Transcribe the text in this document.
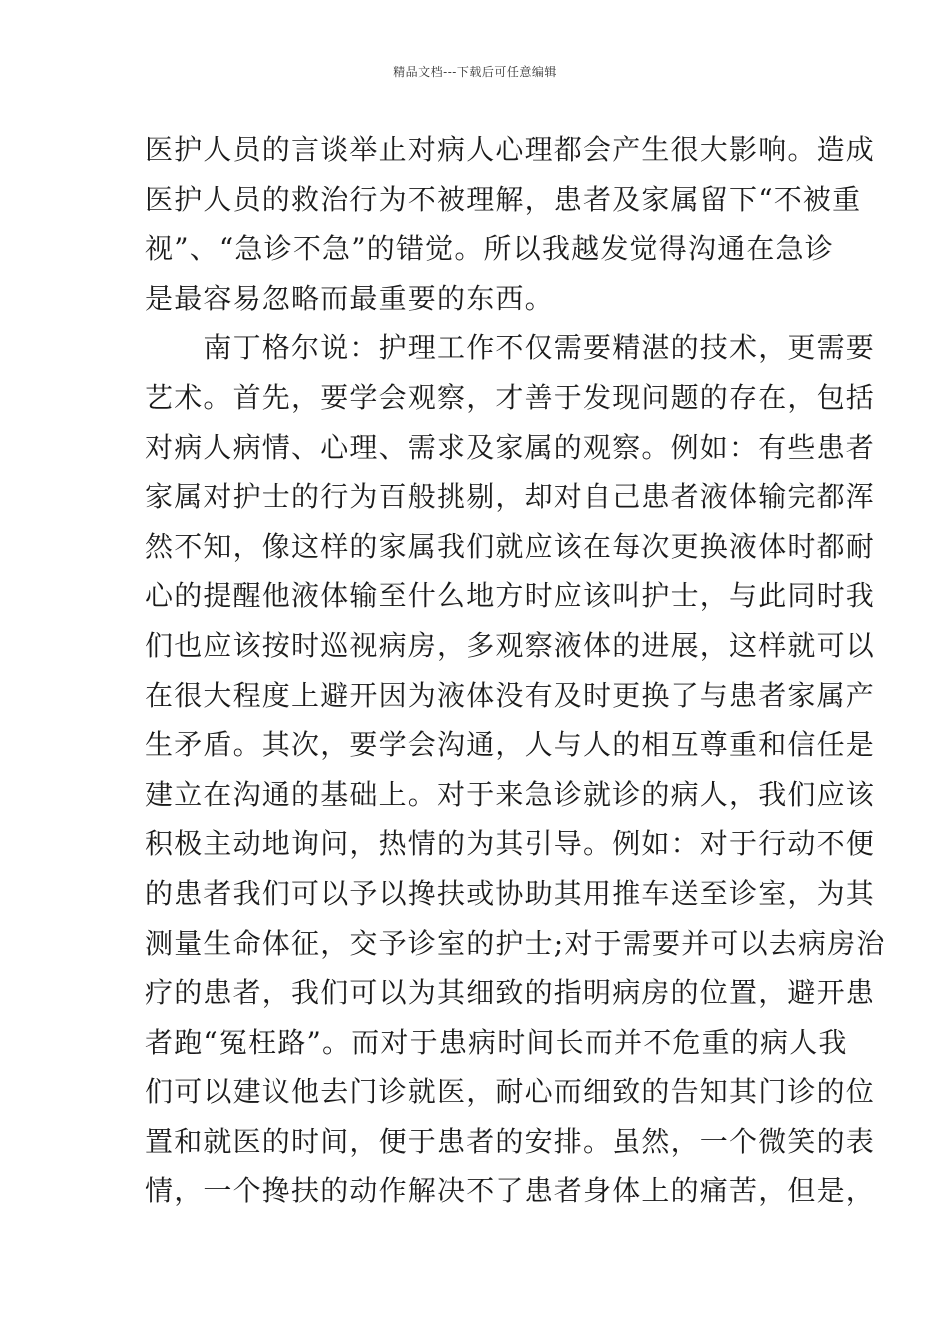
精品文档---下载后可任意编辑
医护人员的言谈举止对病人心理都会产生很大影响。造成
医护人员的救治行为不被理解，患者及家属留下“不被重
视”、“急诊不急”的错觉。所以我越发觉得沟通在急诊
是最容易忽略而最重要的东西。
　　南丁格尔说：护理工作不仅需要精湛的技术，更需要
艺术。首先，要学会观察，才善于发现问题的存在，包括
对病人病情、心理、需求及家属的观察。例如：有些患者
家属对护士的行为百般挑剔，却对自己患者液体输完都浑
然不知，像这样的家属我们就应该在每次更换液体时都耐
心的提醒他液体输至什么地方时应该叫护士，与此同时我
们也应该按时巡视病房，多观察液体的进展，这样就可以
在很大程度上避开因为液体没有及时更换了与患者家属产
生矛盾。其次，要学会沟通，人与人的相互尊重和信任是
建立在沟通的基础上。对于来急诊就诊的病人，我们应该
积极主动地询问，热情的为其引导。例如：对于行动不便
的患者我们可以予以搀扶或协助其用推车送至诊室，为其
测量生命体征，交予诊室的护士;对于需要并可以去病房治
疗的患者，我们可以为其细致的指明病房的位置，避开患
者跑“冤枉路”。而对于患病时间长而并不危重的病人我
们可以建议他去门诊就医，耐心而细致的告知其门诊的位
置和就医的时间，便于患者的安排。虽然，一个微笑的表
情，一个搀扶的动作解决不了患者身体上的痛苦，但是，
